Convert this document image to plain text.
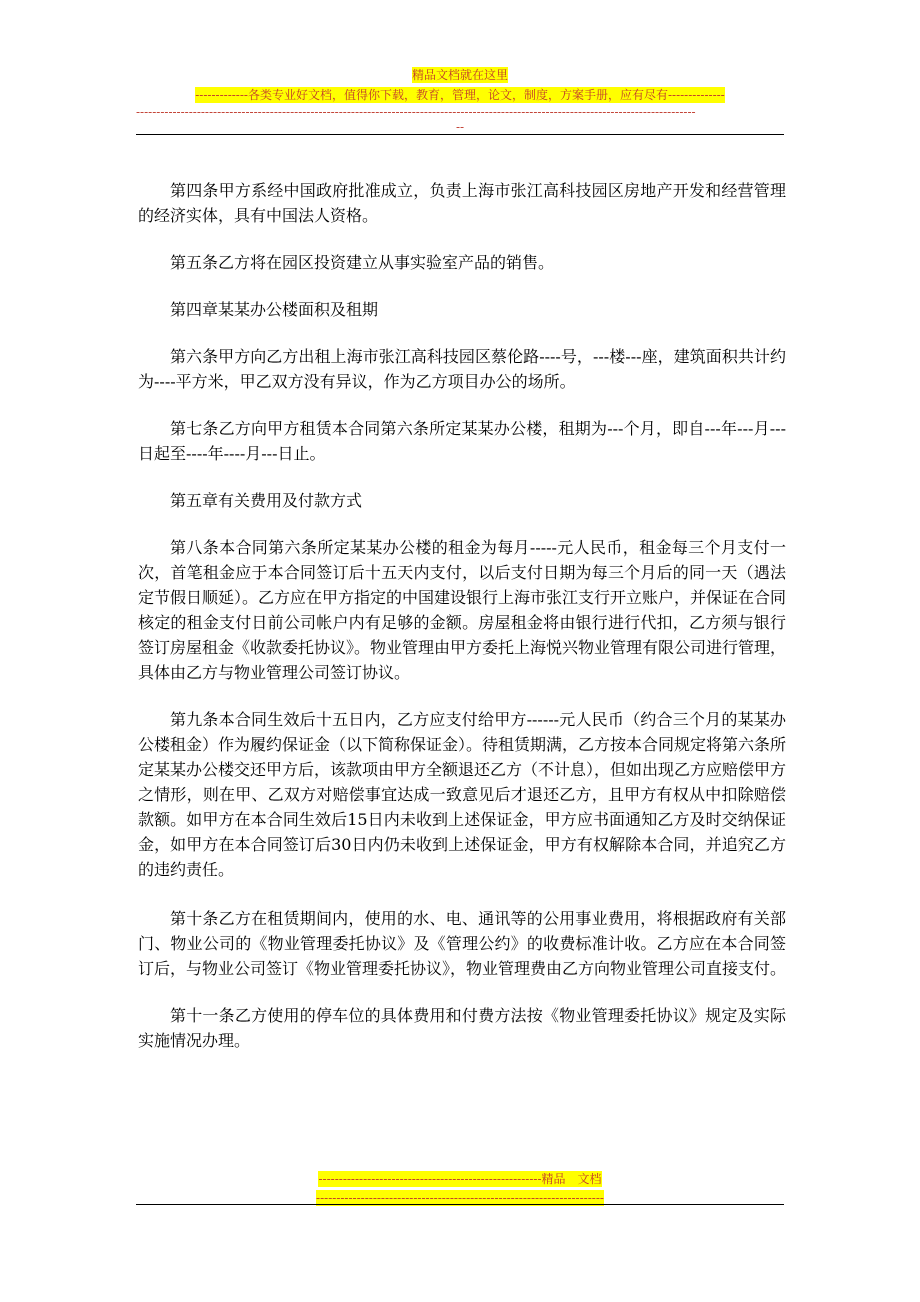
精品文档就在这里
-------------各类专业好文档，值得你下载，教育，管理，论文，制度，方案手册，应有尽有--------------
------------------------------------------------------------------------------------------------------------------------------------------
--

第四条甲方系经中国政府批准成立，负责上海市张江高科技园区房地产开发和经营管理的经济实体，具有中国法人资格。

第五条乙方将在园区投资建立从事实验室产品的销售。

第四章某某办公楼面积及租期

第六条甲方向乙方出租上海市张江高科技园区蔡伦路----号，---楼---座，建筑面积共计约为----平方米，甲乙双方没有异议，作为乙方项目办公的场所。

第七条乙方向甲方租赁本合同第六条所定某某办公楼，租期为---个月，即自---年---月---日起至----年----月---日止。

第五章有关费用及付款方式

第八条本合同第六条所定某某办公楼的租金为每月-----元人民币，租金每三个月支付一次，首笔租金应于本合同签订后十五天内支付，以后支付日期为每三个月后的同一天（遇法定节假日顺延）。乙方应在甲方指定的中国建设银行上海市张江支行开立账户，并保证在合同核定的租金支付日前公司帐户内有足够的金额。房屋租金将由银行进行代扣，乙方须与银行签订房屋租金《收款委托协议》。物业管理由甲方委托上海悦兴物业管理有限公司进行管理，具体由乙方与物业管理公司签订协议。

第九条本合同生效后十五日内，乙方应支付给甲方------元人民币（约合三个月的某某办公楼租金）作为履约保证金（以下简称保证金）。待租赁期满，乙方按本合同规定将第六条所定某某办公楼交还甲方后，该款项由甲方全额退还乙方（不计息），但如出现乙方应赔偿甲方之情形，则在甲、乙双方对赔偿事宜达成一致意见后才退还乙方，且甲方有权从中扣除赔偿款额。如甲方在本合同生效后15日内未收到上述保证金，甲方应书面通知乙方及时交纳保证金，如甲方在本合同签订后30日内仍未收到上述保证金，甲方有权解除本合同，并追究乙方的违约责任。

第十条乙方在租赁期间内，使用的水、电、通讯等的公用事业费用，将根据政府有关部门、物业公司的《物业管理委托协议》及《管理公约》的收费标准计收。乙方应在本合同签订后，与物业公司签订《物业管理委托协议》，物业管理费由乙方向物业管理公司直接支付。

第十一条乙方使用的停车位的具体费用和付费方法按《物业管理委托协议》规定及实际实施情况办理。

-------------------------------------------------------精品　文档
-----------------------------------------------------------------------
